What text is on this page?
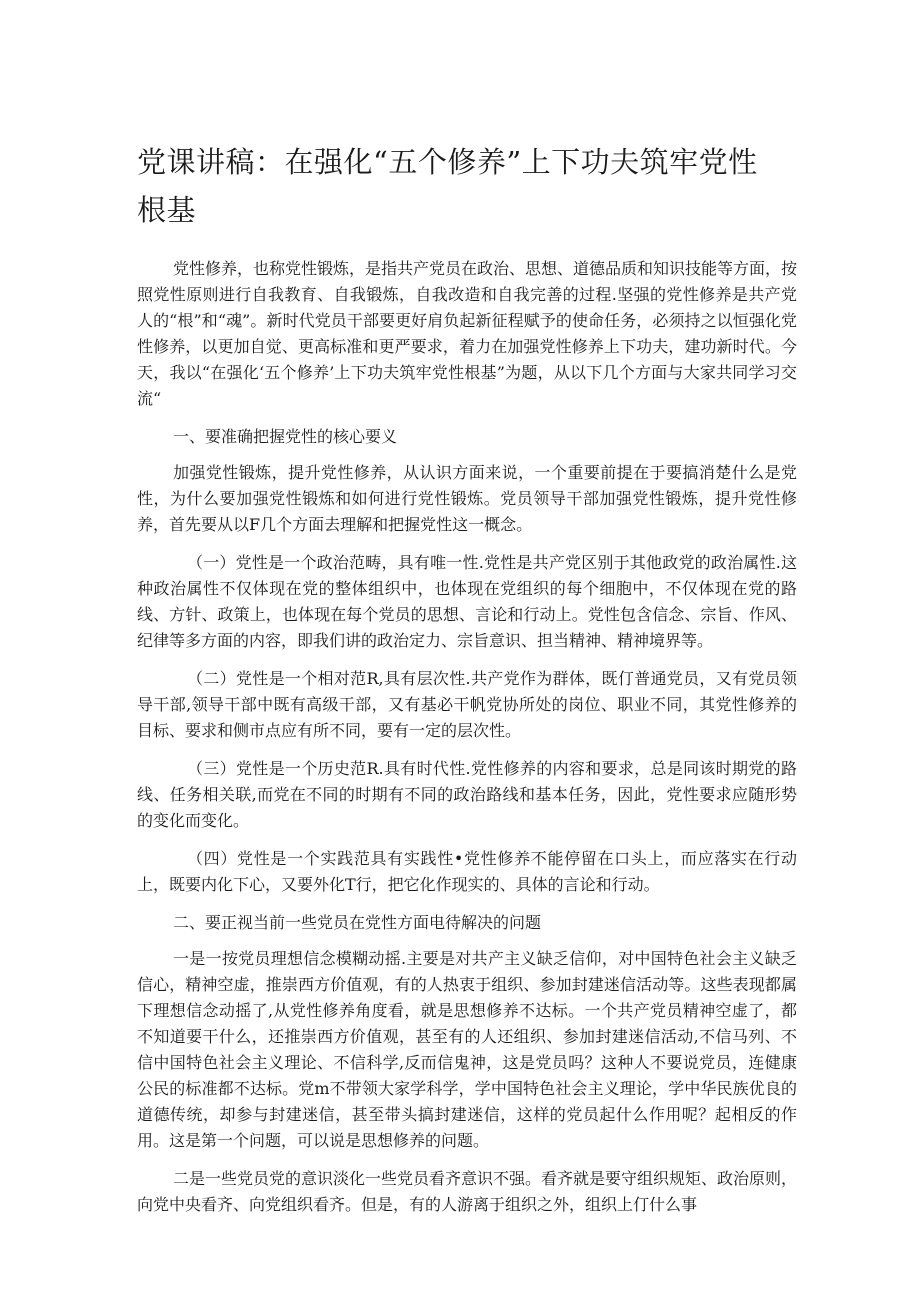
党课讲稿：在强化“五个修养”上下功夫筑牢党性根基

党性修养，也称党性锻炼，是指共产党员在政治、思想、道德品质和知识技能等方面，按照党性原则进行自我教育、自我锻炼，自我改造和自我完善的过程.坚强的党性修养是共产党人的“根”和“魂”。新时代党员干部要更好肩负起新征程赋予的使命任务，必须持之以恒强化党性修养，以更加自觉、更高标准和更严要求，着力在加强党性修养上下功夫，建功新时代。今天，我以“在强化‘五个修养’上下功夫筑牢党性根基”为题，从以下几个方面与大家共同学习交流“

一、要准确把握党性的核心要义

加强党性锻炼，提升党性修养，从认识方面来说，一个重要前提在于要搞消楚什么是党性，为什么要加强党性锻炼和如何进行党性锻炼。党员领导干部加强党性锻炼，提升党性修养，首先要从以F几个方面去理解和把握党性这一概念。

（一）党性是一个政治范畴，具有唯一性.党性是共产党区别于其他政党的政治属性.这种政治属性不仅体现在党的整体组织中，也体现在党组织的每个细胞中，不仅体现在党的路线、方针、政策上，也体现在每个党员的思想、言论和行动上。党性包含信念、宗旨、作风、纪律等多方面的内容，即我们讲的政治定力、宗旨意识、担当精神、精神境界等。

（二）党性是一个相对范R,具有层次性.共产党作为群体，既仃普通党员，又有党员领导干部,领导干部中既有高级干部，又有基必干帆党协所处的岗位、职业不同，其党性修养的目标、要求和侧市点应有所不同，要有一定的层次性。

（三）党性是一个历史范R.具有时代性.党性修养的内容和要求，总是同该时期党的路线、任务相关联,而党在不同的时期有不同的政治路线和基本任务，因此，党性要求应随形势的变化而变化。

（四）党性是一个实践范具有实践性•党性修养不能停留在口头上，而应落实在行动上，既要内化下心，又要外化T行，把它化作现实的、具体的言论和行动。

二、要正视当前一些党员在党性方面电待解决的问题

一是一按党员理想信念模糊动摇.主要是对共产主义缺乏信仰，对中国特色社会主义缺乏信心，精神空虚，推崇西方价值观，有的人热衷于组织、参加封建迷信活动等。这些表现都属下理想信念动摇了,从党性修养角度看，就是思想修养不达标。一个共产党员精神空虚了，都不知道要干什么，还推崇西方价值观，甚至有的人还组织、参加封建迷信活动,不信马列、不信中国特色社会主义理论、不信科学,反而信鬼神，这是党员吗？这种人不要说党员，连健康公民的标准都不达标。党m不带领大家学科学，学中国特色社会主义理论，学中华民族优良的道德传统，却参与封建迷信，甚至带头搞封建迷信，这样的党员起什么作用呢？起相反的作用。这是第一个问题，可以说是思想修养的问题。

二是一些党员党的意识淡化一些党员看齐意识不强。看齐就是要守组织规矩、政治原则，向党中央看齐、向党组织看齐。但是，有的人游离于组织之外，组织上仃什么事
